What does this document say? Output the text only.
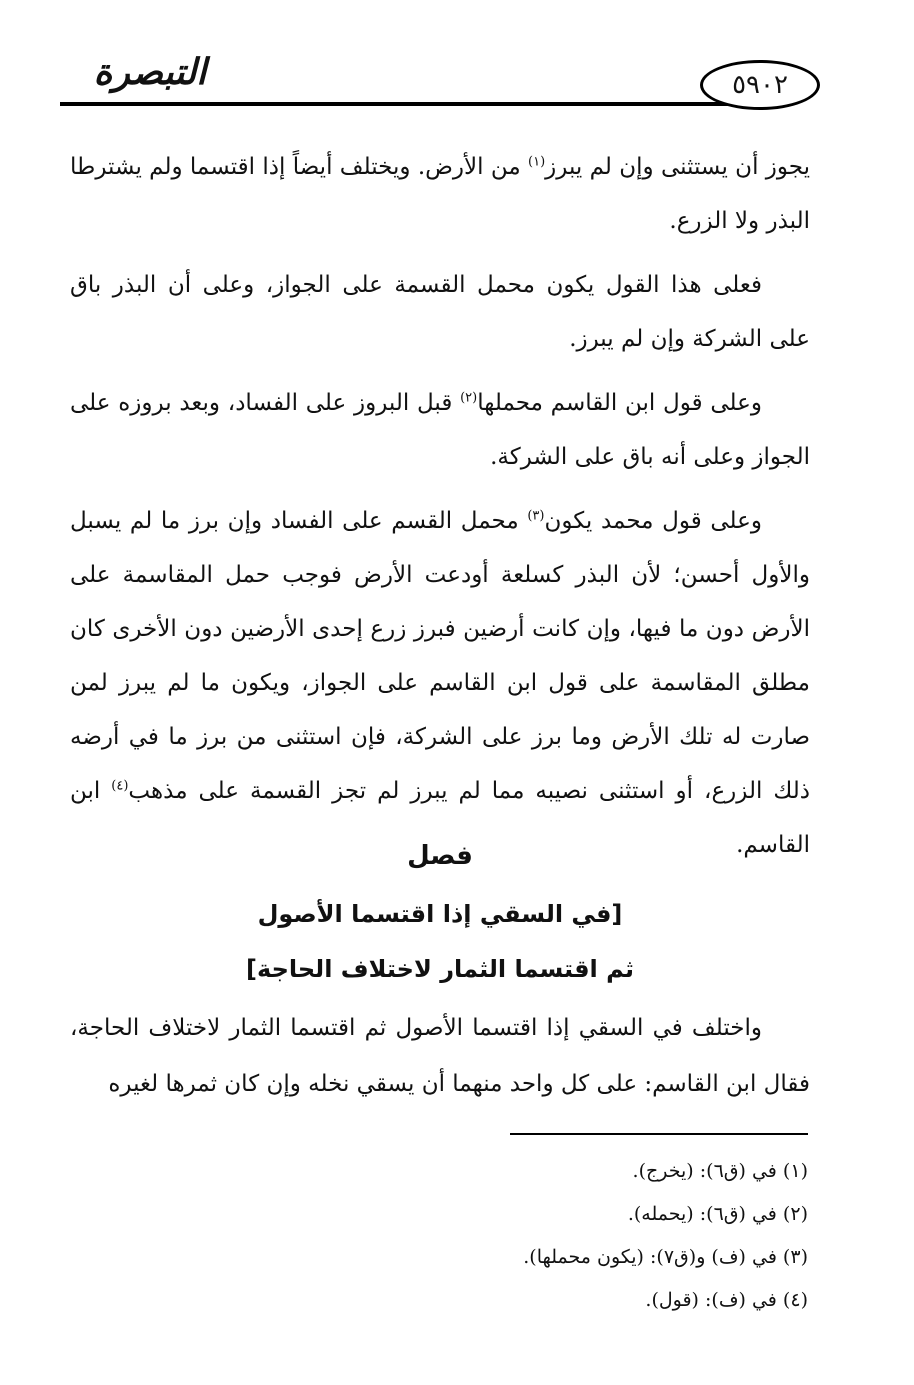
التبصرة	٥٩٠٢

يجوز أن يستثنى وإن لم يبرز$^{(١)}$ من الأرض. ويختلف أيضاً إذا اقتسما ولم يشترطا البذر ولا الزرع.

فعلى هذا القول يكون محمل القسمة على الجواز، وعلى أن البذر باق على الشركة وإن لم يبرز.

وعلى قول ابن القاسم محملها$^{(٢)}$ قبل البروز على الفساد، وبعد بروزه على الجواز وعلى أنه باق على الشركة.

وعلى قول محمد يكون$^{(٣)}$ محمل القسم على الفساد وإن برز ما لم يسبل والأول أحسن؛ لأن البذر كسلعة أودعت الأرض فوجب حمل المقاسمة على الأرض دون ما فيها، وإن كانت أرضين فبرز زرع إحدى الأرضين دون الأخرى كان مطلق المقاسمة على قول ابن القاسم على الجواز، ويكون ما لم يبرز لمن صارت له تلك الأرض وما برز على الشركة، فإن استثنى من برز ما في أرضه ذلك الزرع، أو استثنى نصيبه مما لم يبرز لم تجز القسمة على مذهب$^{(٤)}$ ابن القاسم.

فصل
[في السقي إذا اقتسما الأصول
ثم اقتسما الثمار لاختلاف الحاجة]

واختلف في السقي إذا اقتسما الأصول ثم اقتسما الثمار لاختلاف الحاجة، فقال ابن القاسم: على كل واحد منهما أن يسقي نخله وإن كان ثمرها لغيره

(١) في (ق٦): (يخرج).
(٢) في (ق٦): (يحمله).
(٣) في (ف) و(ق٧): (يكون محملها).
(٤) في (ف): (قول).
